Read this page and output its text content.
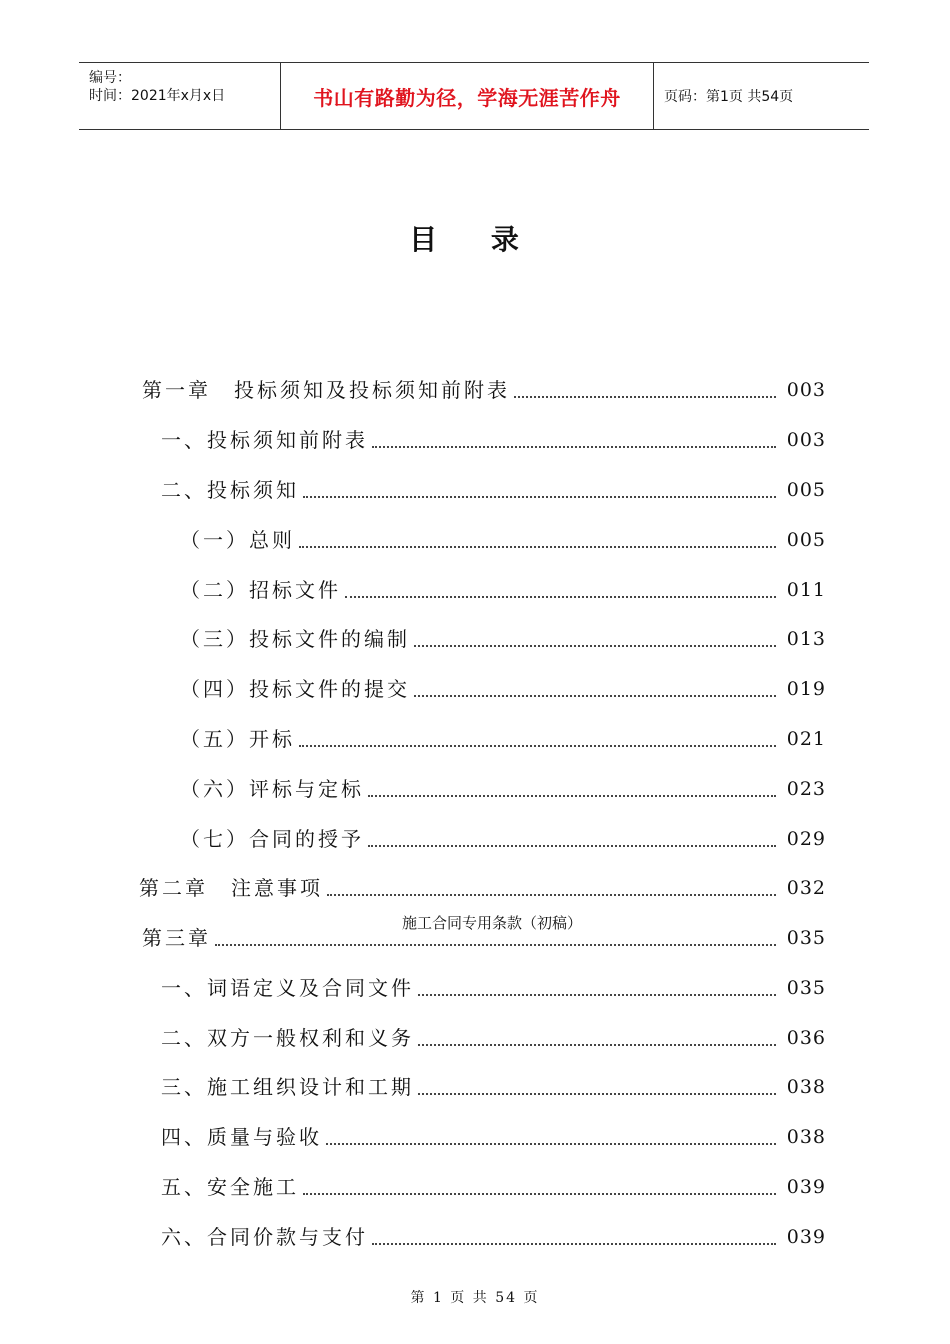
编号：
时间：2021年x月x日	书山有路勤为径，学海无涯苦作舟	页码：第1页 共54页
目 录
第一章　投标须知及投标须知前附表	003
一、投标须知前附表	003
二、投标须知	005
（一）总则	005
（二）招标文件	011
（三）投标文件的编制	013
（四）投标文件的提交	019
（五）开标	021
（六）评标与定标	023
（七）合同的授予	029
第二章　注意事项	032
第三章	035
一、词语定义及合同文件	035
二、双方一般权利和义务	036
三、施工组织设计和工期	038
四、质量与验收	038
五、安全施工	039
六、合同价款与支付	039
施工合同专用条款（初稿）
第 1 页 共 54 页
